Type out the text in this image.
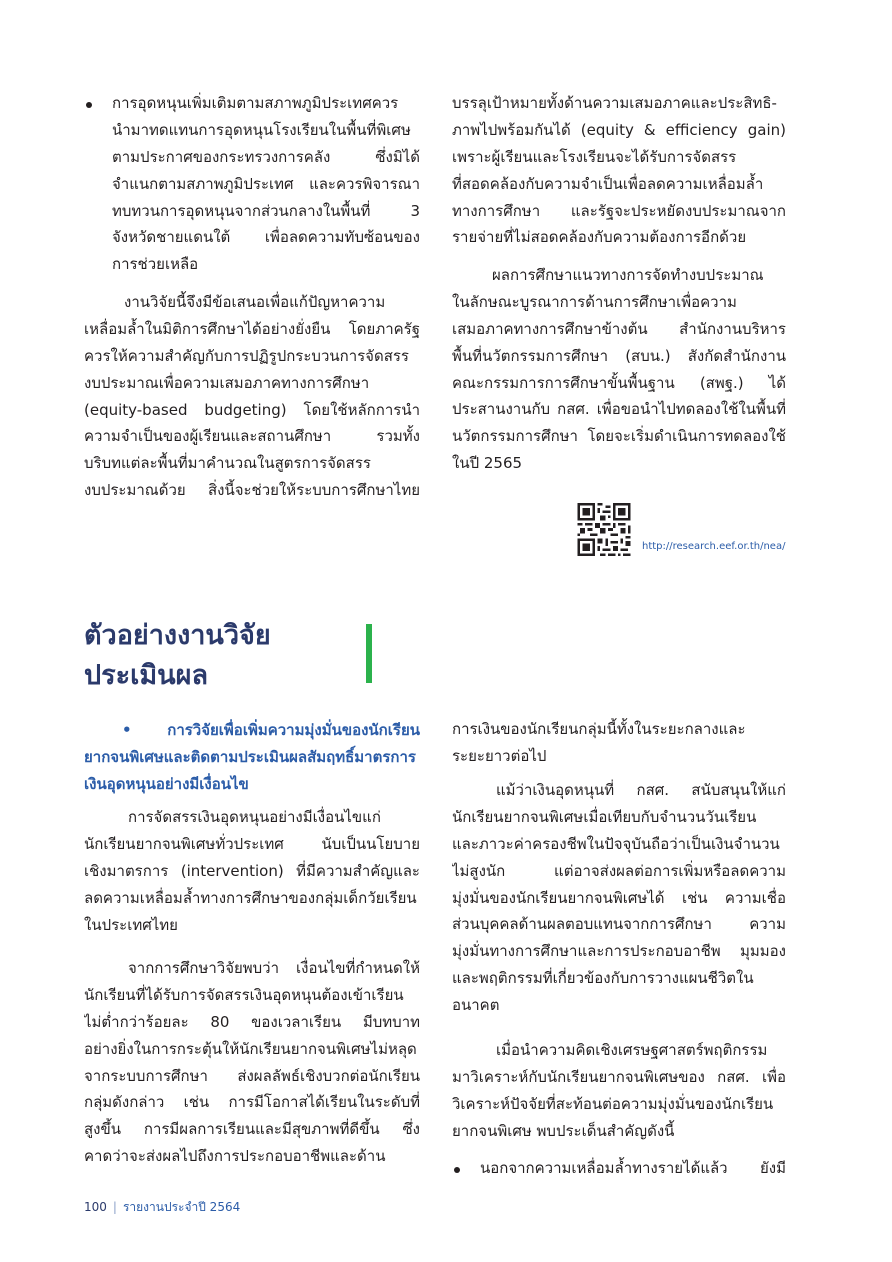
การอุดหนุนเพิ่มเติมตามสภาพภูมิประเทศควร
นำมาทดแทนการอุดหนุนโรงเรียนในพื้นที่พิเศษ
ตามประกาศของกระทรวงการคลัง ซึ่งมิได้
จำแนกตามสภาพภูมิประเทศ และควรพิจารณา
ทบทวนการอุดหนุนจากส่วนกลางในพื้นที่ 3
จังหวัดชายแดนใต้ เพื่อลดความทับซ้อนของ
การช่วยเหลือ
งานวิจัยนี้จึงมีข้อเสนอเพื่อแก้ปัญหาความ
เหลื่อมล้ำในมิติการศึกษาได้อย่างยั่งยืน โดยภาครัฐ
ควรให้ความสำคัญกับการปฏิรูปกระบวนการจัดสรร
งบประมาณเพื่อความเสมอภาคทางการศึกษา
(equity-based budgeting) โดยใช้หลักการนำ
ความจำเป็นของผู้เรียนและสถานศึกษา รวมทั้ง
บริบทแต่ละพื้นที่มาคำนวณในสูตรการจัดสรร
งบประมาณด้วย สิ่งนี้จะช่วยให้ระบบการศึกษาไทย
บรรลุเป้าหมายทั้งด้านความเสมอภาคและประสิทธิ-
ภาพไปพร้อมกันได้ (equity & efficiency gain)
เพราะผู้เรียนและโรงเรียนจะได้รับการจัดสรร
ที่สอดคล้องกับความจำเป็นเพื่อลดความเหลื่อมล้ำ
ทางการศึกษา และรัฐจะประหยัดงบประมาณจาก
รายจ่ายที่ไม่สอดคล้องกับความต้องการอีกด้วย
ผลการศึกษาแนวทางการจัดทำงบประมาณ
ในลักษณะบูรณาการด้านการศึกษาเพื่อความ
เสมอภาคทางการศึกษาข้างต้น สำนักงานบริหาร
พื้นที่นวัตกรรมการศึกษา (สบน.) สังกัดสำนักงาน
คณะกรรมการการศึกษาขั้นพื้นฐาน (สพฐ.) ได้
ประสานงานกับ กสศ. เพื่อขอนำไปทดลองใช้ในพื้นที่
นวัตกรรมการศึกษา โดยจะเริ่มดำเนินการทดลองใช้
ในปี 2565
http://research.eef.or.th/nea/
ตัวอย่างงานวิจัย
ประเมินผล
• การวิจัยเพื่อเพิ่มความมุ่งมั่นของนักเรียน
ยากจนพิเศษและติดตามประเมินผลสัมฤทธิ์มาตรการ
เงินอุดหนุนอย่างมีเงื่อนไข
การจัดสรรเงินอุดหนุนอย่างมีเงื่อนไขแก่
นักเรียนยากจนพิเศษทั่วประเทศ นับเป็นนโยบาย
เชิงมาตรการ (intervention) ที่มีความสำคัญและ
ลดความเหลื่อมล้ำทางการศึกษาของกลุ่มเด็กวัยเรียน
ในประเทศไทย
จากการศึกษาวิจัยพบว่า เงื่อนไขที่กำหนดให้
นักเรียนที่ได้รับการจัดสรรเงินอุดหนุนต้องเข้าเรียน
ไม่ต่ำกว่าร้อยละ 80 ของเวลาเรียน มีบทบาท
อย่างยิ่งในการกระตุ้นให้นักเรียนยากจนพิเศษไม่หลุด
จากระบบการศึกษา ส่งผลลัพธ์เชิงบวกต่อนักเรียน
กลุ่มดังกล่าว เช่น การมีโอกาสได้เรียนในระดับที่
สูงขึ้น การมีผลการเรียนและมีสุขภาพที่ดีขึ้น ซึ่ง
คาดว่าจะส่งผลไปถึงการประกอบอาชีพและด้าน
การเงินของนักเรียนกลุ่มนี้ทั้งในระยะกลางและ
ระยะยาวต่อไป
แม้ว่าเงินอุดหนุนที่ กสศ. สนับสนุนให้แก่
นักเรียนยากจนพิเศษเมื่อเทียบกับจำนวนวันเรียน
และภาวะค่าครองชีพในปัจจุบันถือว่าเป็นเงินจำนวน
ไม่สูงนัก แต่อาจส่งผลต่อการเพิ่มหรือลดความ
มุ่งมั่นของนักเรียนยากจนพิเศษได้ เช่น ความเชื่อ
ส่วนบุคคลด้านผลตอบแทนจากการศึกษา ความ
มุ่งมั่นทางการศึกษาและการประกอบอาชีพ มุมมอง
และพฤติกรรมที่เกี่ยวข้องกับการวางแผนชีวิตใน
อนาคต
เมื่อนำความคิดเชิงเศรษฐศาสตร์พฤติกรรม
มาวิเคราะห์กับนักเรียนยากจนพิเศษของ กสศ. เพื่อ
วิเคราะห์ปัจจัยที่สะท้อนต่อความมุ่งมั่นของนักเรียน
ยากจนพิเศษ พบประเด็นสำคัญดังนี้
นอกจากความเหลื่อมล้ำทางรายได้แล้ว ยังมี
100 | รายงานประจำปี 2564
